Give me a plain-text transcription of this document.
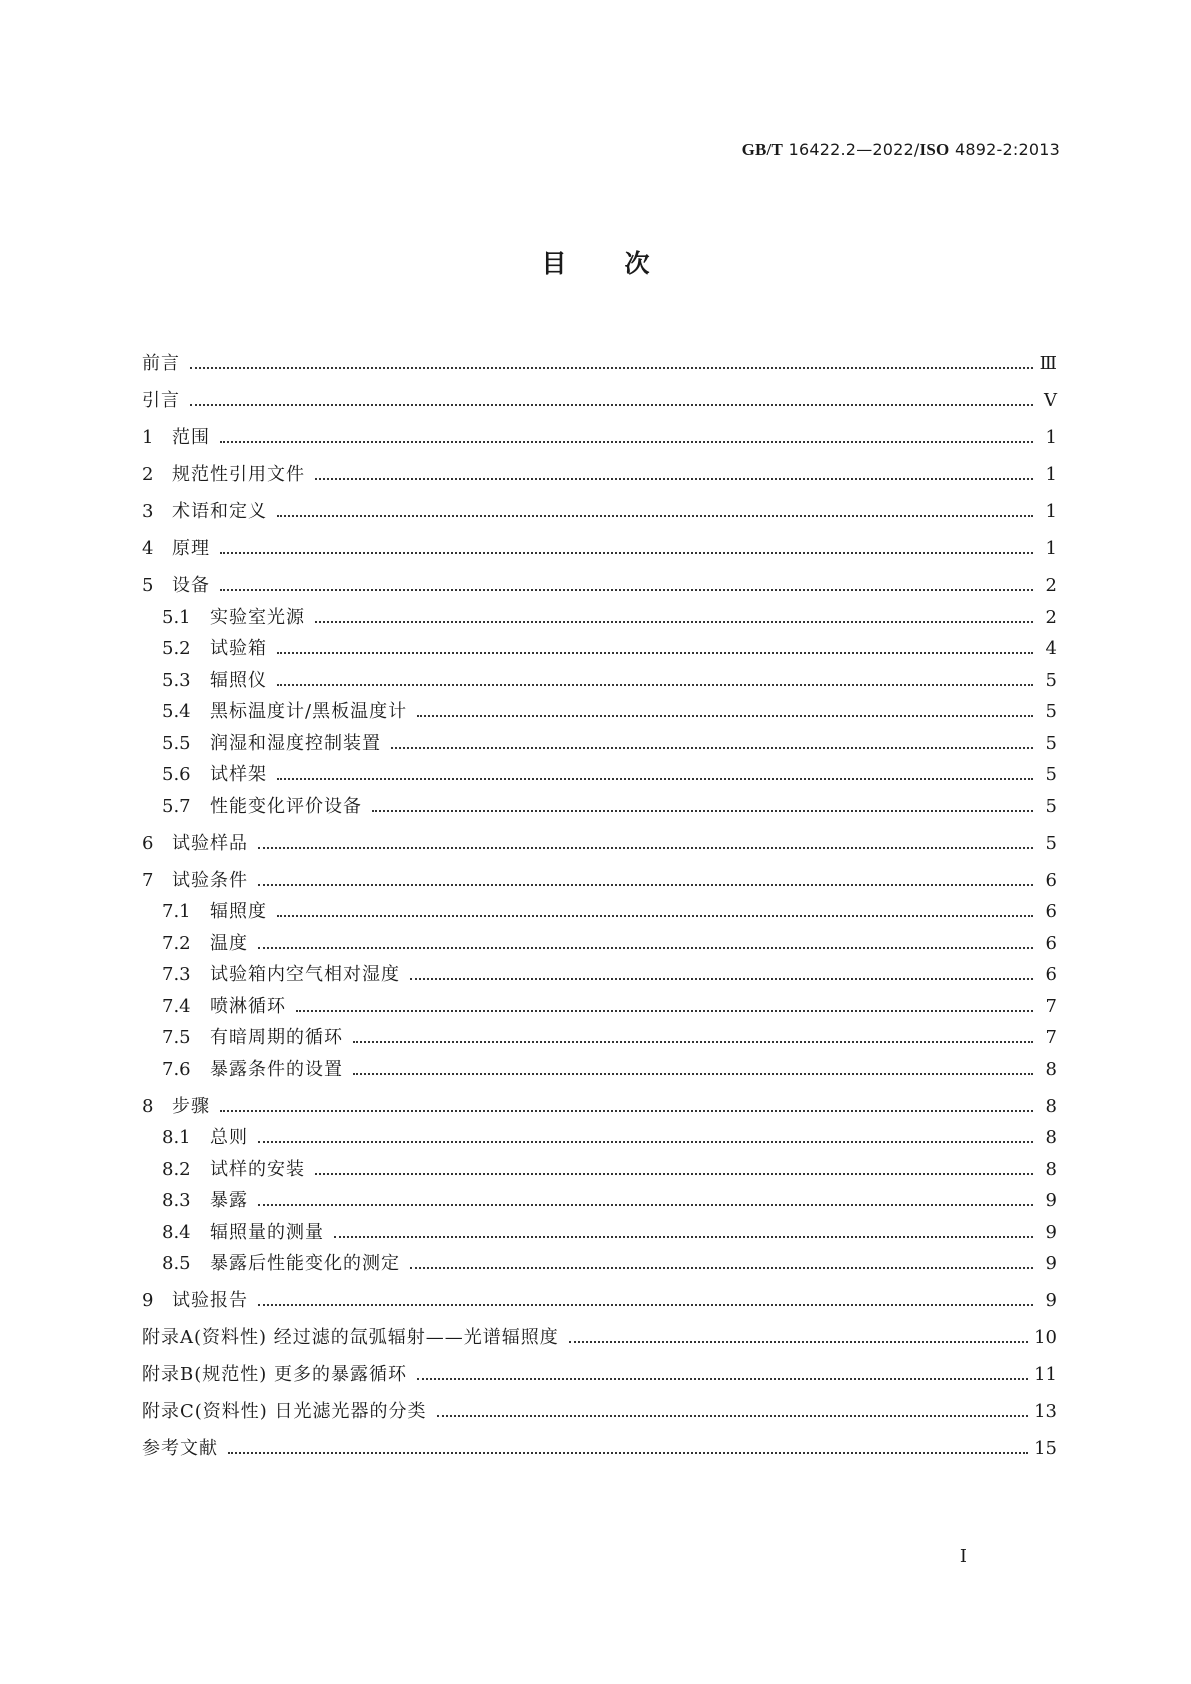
GB/T 16422.2—2022/ISO 4892-2:2013
目次
前言	Ⅲ
引言	Ⅴ
1	范围	1
2	规范性引用文件	1
3	术语和定义	1
4	原理	1
5	设备	2
5.1	实验室光源	2
5.2	试验箱	4
5.3	辐照仪	5
5.4	黑标温度计/黑板温度计	5
5.5	润湿和湿度控制装置	5
5.6	试样架	5
5.7	性能变化评价设备	5
6	试验样品	5
7	试验条件	6
7.1	辐照度	6
7.2	温度	6
7.3	试验箱内空气相对湿度	6
7.4	喷淋循环	7
7.5	有暗周期的循环	7
7.6	暴露条件的设置	8
8	步骤	8
8.1	总则	8
8.2	试样的安装	8
8.3	暴露	9
8.4	辐照量的测量	9
8.5	暴露后性能变化的测定	9
9	试验报告	9
附录A(资料性) 经过滤的氙弧辐射——光谱辐照度	10
附录B(规范性) 更多的暴露循环	11
附录C(资料性) 日光滤光器的分类	13
参考文献	15
Ⅰ
